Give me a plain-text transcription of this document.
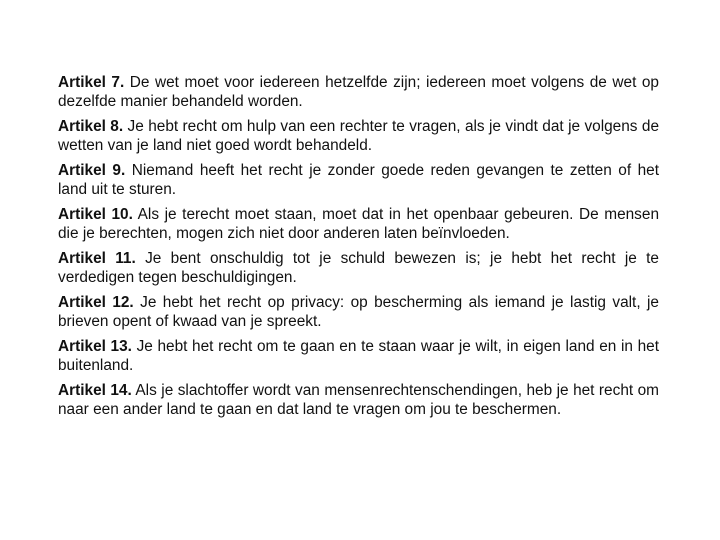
Artikel 7. De wet moet voor iedereen hetzelfde zijn; iedereen moet volgens de wet op dezelfde manier behandeld worden.

Artikel 8. Je hebt recht om hulp van een rechter te vragen, als je vindt dat je volgens de wetten van je land niet goed wordt behandeld.

Artikel 9. Niemand heeft het recht je zonder goede reden gevangen te zetten of het land uit te sturen.

Artikel 10. Als je terecht moet staan, moet dat in het openbaar gebeuren. De mensen die je berechten, mogen zich niet door anderen laten beïnvloeden.

Artikel 11. Je bent onschuldig tot je schuld bewezen is; je hebt het recht je te verdedigen tegen beschuldigingen.

Artikel 12. Je hebt het recht op privacy: op bescherming als iemand je lastig valt, je brieven opent of kwaad van je spreekt.

Artikel 13. Je hebt het recht om te gaan en te staan waar je wilt, in eigen land en in het buitenland.

Artikel 14. Als je slachtoffer wordt van mensenrechtenschendingen, heb je het recht om naar een ander land te gaan en dat land te vragen om jou te beschermen.
